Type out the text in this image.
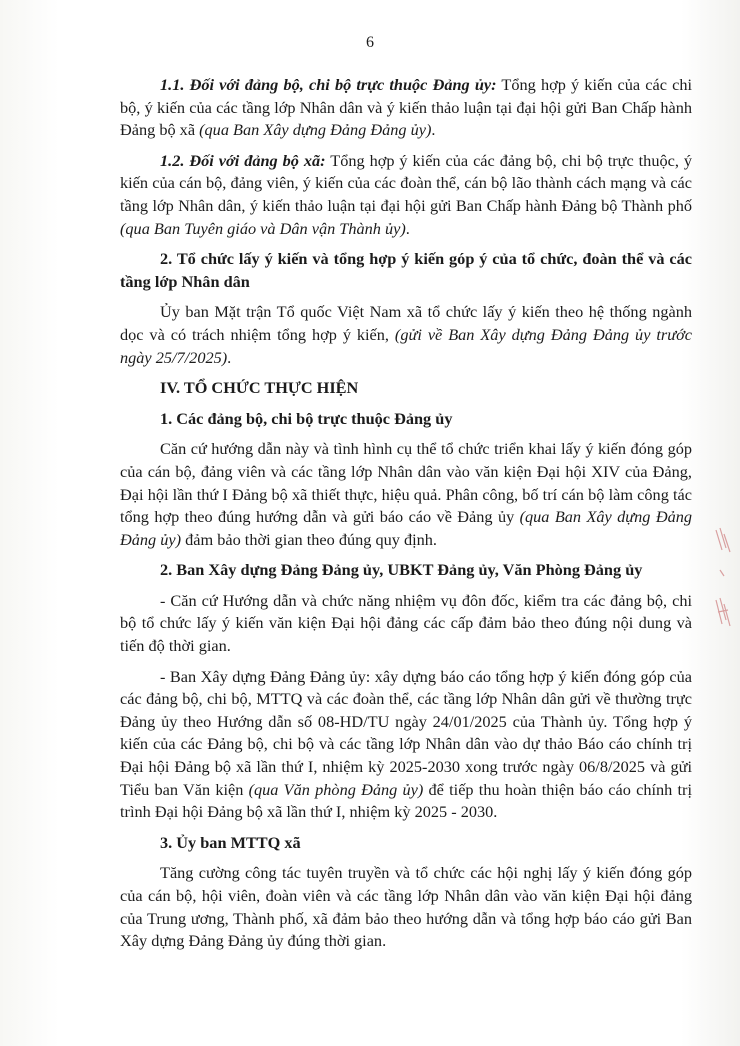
6

1.1. Đối với đảng bộ, chi bộ trực thuộc Đảng ủy: Tổng hợp ý kiến của các chi bộ, ý kiến của các tầng lớp Nhân dân và ý kiến thảo luận tại đại hội gửi Ban Chấp hành Đảng bộ xã (qua Ban Xây dựng Đảng Đảng ủy).

1.2. Đối với đảng bộ xã: Tổng hợp ý kiến của các đảng bộ, chi bộ trực thuộc, ý kiến của cán bộ, đảng viên, ý kiến của các đoàn thể, cán bộ lão thành cách mạng và các tầng lớp Nhân dân, ý kiến thảo luận tại đại hội gửi Ban Chấp hành Đảng bộ Thành phố (qua Ban Tuyên giáo và Dân vận Thành ủy).

2. Tổ chức lấy ý kiến và tổng hợp ý kiến góp ý của tổ chức, đoàn thể và các tầng lớp Nhân dân

Ủy ban Mặt trận Tổ quốc Việt Nam xã tổ chức lấy ý kiến theo hệ thống ngành dọc và có trách nhiệm tổng hợp ý kiến, (gửi về Ban Xây dựng Đảng Đảng ủy trước ngày 25/7/2025).

IV. TỔ CHỨC THỰC HIỆN

1. Các đảng bộ, chi bộ trực thuộc Đảng ủy

Căn cứ hướng dẫn này và tình hình cụ thể tổ chức triển khai lấy ý kiến đóng góp của cán bộ, đảng viên và các tầng lớp Nhân dân vào văn kiện Đại hội XIV của Đảng, Đại hội lần thứ I Đảng bộ xã thiết thực, hiệu quả. Phân công, bố trí cán bộ làm công tác tổng hợp theo đúng hướng dẫn và gửi báo cáo về Đảng ủy (qua Ban Xây dựng Đảng Đảng ủy) đảm bảo thời gian theo đúng quy định.

2. Ban Xây dựng Đảng Đảng ủy, UBKT Đảng ủy, Văn Phòng Đảng ủy

- Căn cứ Hướng dẫn và chức năng nhiệm vụ đôn đốc, kiểm tra các đảng bộ, chi bộ tổ chức lấy ý kiến văn kiện Đại hội đảng các cấp đảm bảo theo đúng nội dung và tiến độ thời gian.

- Ban Xây dựng Đảng Đảng ủy: xây dựng báo cáo tổng hợp ý kiến đóng góp của các đảng bộ, chi bộ, MTTQ và các đoàn thể, các tầng lớp Nhân dân gửi về thường trực Đảng ủy theo Hướng dẫn số 08-HD/TU ngày 24/01/2025 của Thành ủy. Tổng hợp ý kiến của các Đảng bộ, chi bộ và các tầng lớp Nhân dân vào dự thảo Báo cáo chính trị Đại hội Đảng bộ xã lần thứ I, nhiệm kỳ 2025-2030 xong trước ngày 06/8/2025 và gửi Tiểu ban Văn kiện (qua Văn phòng Đảng ủy) để tiếp thu hoàn thiện báo cáo chính trị trình Đại hội Đảng bộ xã lần thứ I, nhiệm kỳ 2025 - 2030.

3. Ủy ban MTTQ xã

Tăng cường công tác tuyên truyền và tổ chức các hội nghị lấy ý kiến đóng góp của cán bộ, hội viên, đoàn viên và các tầng lớp Nhân dân vào văn kiện Đại hội đảng của Trung ương, Thành phố, xã đảm bảo theo hướng dẫn và tổng hợp báo cáo gửi Ban Xây dựng Đảng Đảng ủy đúng thời gian.
